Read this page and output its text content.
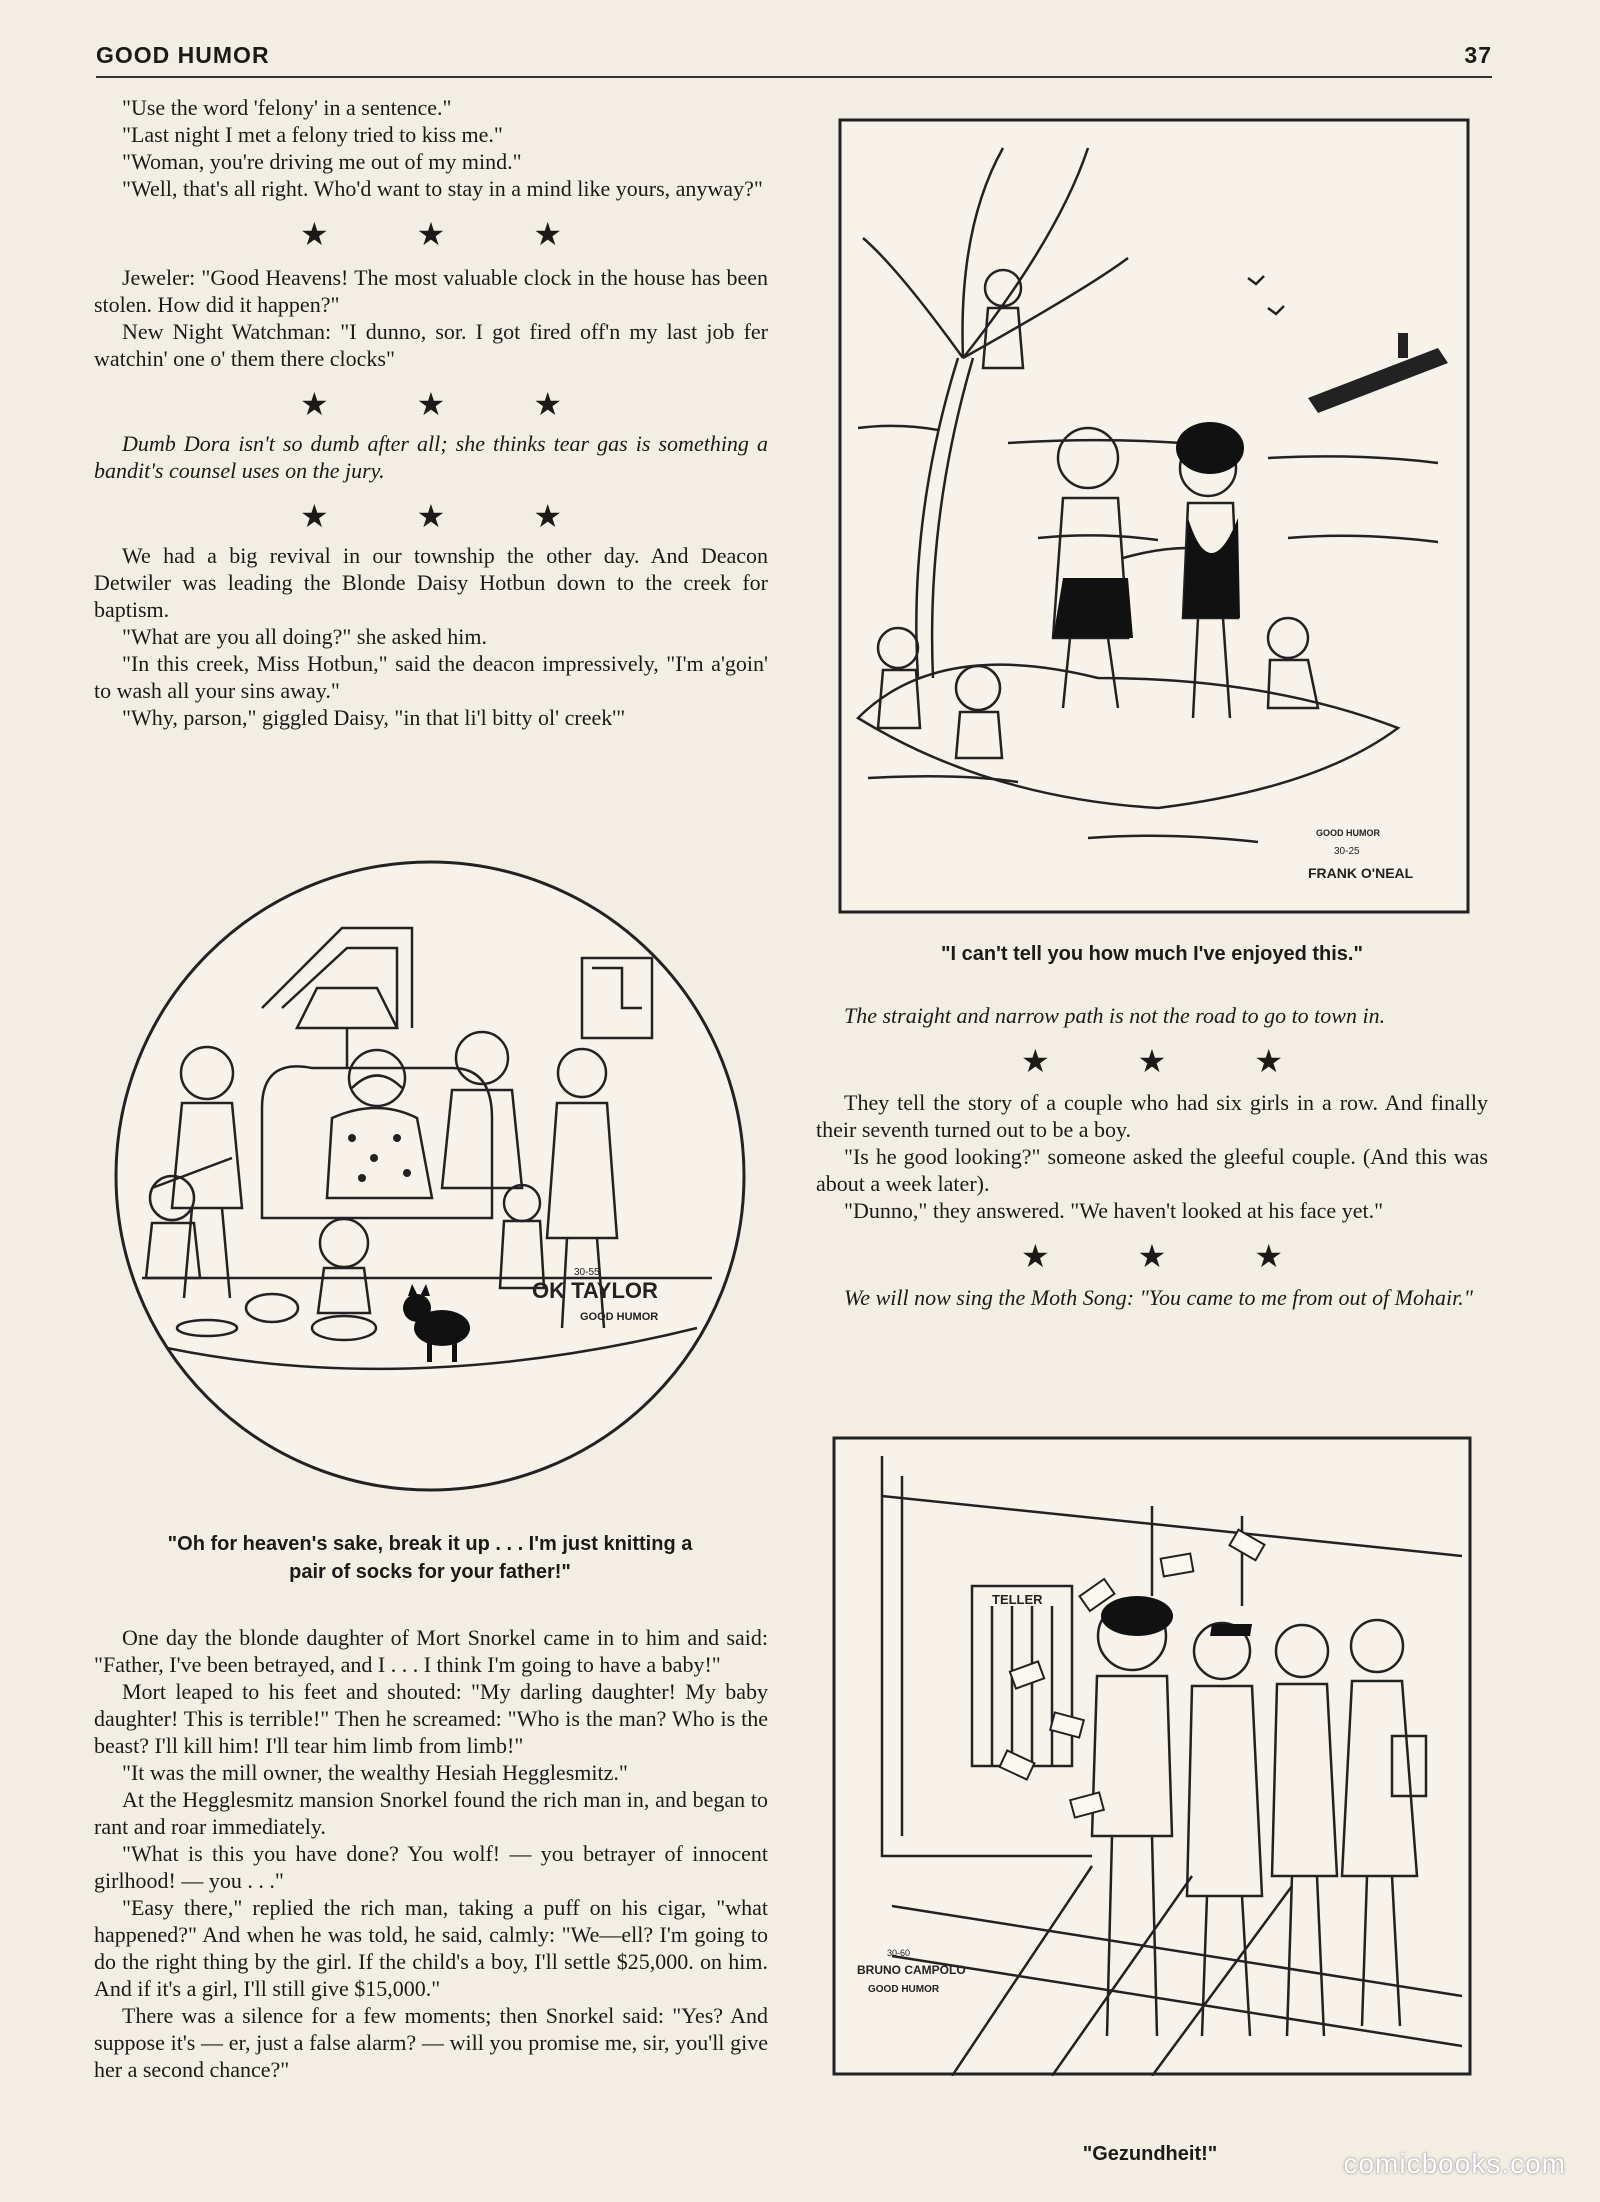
GOOD HUMOR	37

"Use the word 'felony' in a sentence."

"Last night I met a felony tried to kiss me."

"Woman, you're driving me out of my mind."

"Well, that's all right. Who'd want to stay in a mind like yours, anyway?"

★ ★ ★

Jeweler: "Good Heavens! The most valuable clock in the house has been stolen. How did it happen?"

New Night Watchman: "I dunno, sor. I got fired off'n my last job fer watchin' one o' them there clocks"

★ ★ ★

Dumb Dora isn't so dumb after all; she thinks tear gas is something a bandit's counsel uses on the jury.

★ ★ ★

We had a big revival in our township the other day. And Deacon Detwiler was leading the Blonde Daisy Hotbun down to the creek for baptism.

"What are you all doing?" she asked him.

"In this creek, Miss Hotbun," said the deacon impressively, "I'm a'goin' to wash all your sins away."

"Why, parson," giggled Daisy, "in that li'l bitty ol' creek'"

30-55
OK TAYLOR
GOOD HUMOR
"Oh for heaven's sake, break it up . . . I'm just knitting a pair of socks for your father!"

One day the blonde daughter of Mort Snorkel came in to him and said: "Father, I've been betrayed, and I . . . I think I'm going to have a baby!"

Mort leaped to his feet and shouted: "My darling daughter! My baby daughter! This is terrible!" Then he screamed: "Who is the man? Who is the beast? I'll kill him! I'll tear him limb from limb!"

"It was the mill owner, the wealthy Hesiah Hegglesmitz."

At the Hegglesmitz mansion Snorkel found the rich man in, and began to rant and roar immediately.

"What is this you have done? You wolf! — you betrayer of innocent girlhood! — you . . ."

"Easy there," replied the rich man, taking a puff on his cigar, "what happened?" And when he was told, he said, calmly: "We—ell? I'm going to do the right thing by the girl. If the child's a boy, I'll settle $25,000. on him. And if it's a girl, I'll still give $15,000."

There was a silence for a few moments; then Snorkel said: "Yes? And suppose it's — er, just a false alarm? — will you promise me, sir, you'll give her a second chance?"

GOOD HUMOR
30-25
FRANK O'NEAL
"I can't tell you how much I've enjoyed this."

The straight and narrow path is not the road to go to town in.

★ ★ ★

They tell the story of a couple who had six girls in a row. And finally their seventh turned out to be a boy.

"Is he good looking?" someone asked the gleeful couple. (And this was about a week later).

"Dunno," they answered. "We haven't looked at his face yet."

★ ★ ★

We will now sing the Moth Song: "You came to me from out of Mohair."

TELLER
30-60
BRUNO CAMPOLO
GOOD HUMOR
"Gezundheit!"	comicbooks.com
